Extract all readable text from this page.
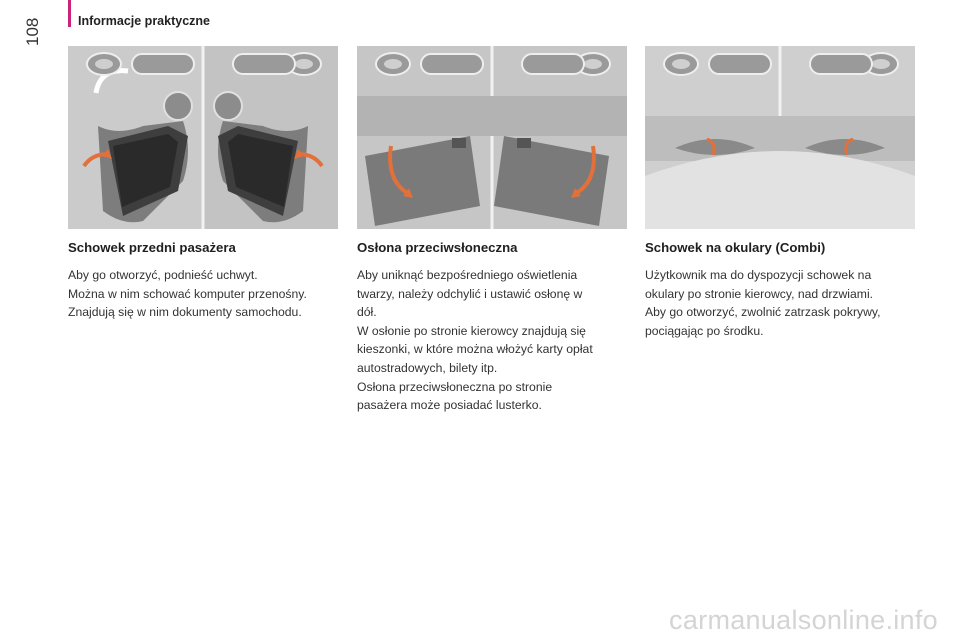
Informacje praktyczne
108
Schowek przedni pasażera

Aby go otworzyć, podnieść uchwyt.

Można w nim schować komputer przenośny.

Znajdują się w nim dokumenty samochodu.

Osłona przeciwsłoneczna

Aby uniknąć bezpośredniego oświetlenia

twarzy, należy odchylić i ustawić osłonę w

dół.

W osłonie po stronie kierowcy znajdują się

kieszonki, w które można włożyć karty opłat

autostradowych, bilety itp.

Osłona przeciwsłoneczna po stronie

pasażera może posiadać lusterko.

Schowek na okulary (Combi)

Użytkownik ma do dyspozycji schowek na

okulary po stronie kierowcy, nad drzwiami.

Aby go otworzyć, zwolnić zatrzask pokrywy,

pociągając po środku.

carmanualsonline.info
